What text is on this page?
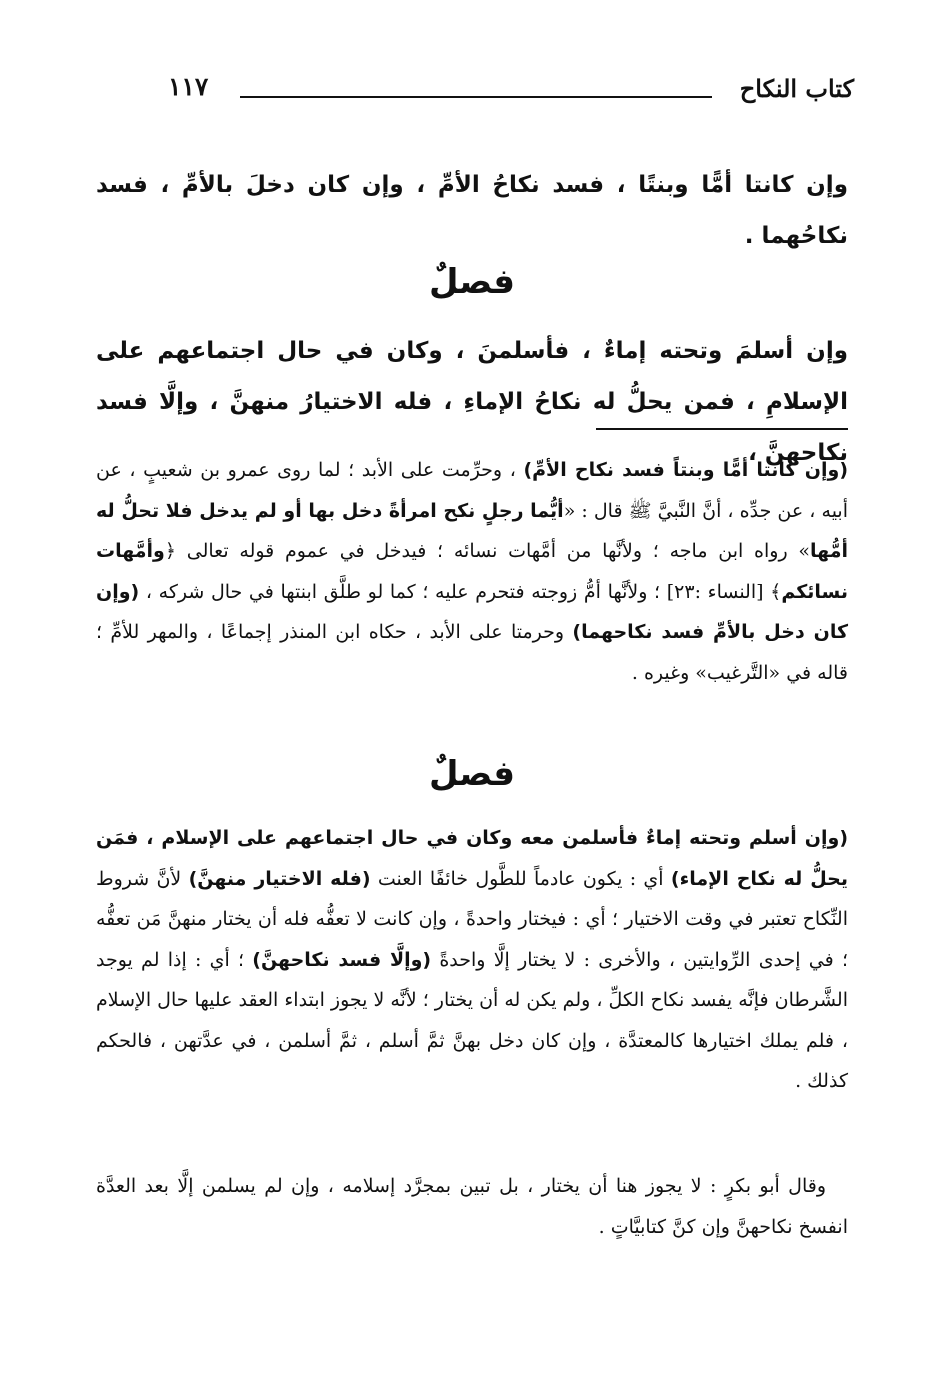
كتاب النكاح
١١٧

وإن كانتا أمًّا وبنتًا ، فسد نكاحُ الأمِّ ، وإن كان دخلَ بالأمِّ ، فسد نكاحُهما .

فصلٌ

وإن أسلمَ وتحته إماءٌ ، فأسلمنَ ، وكان في حال اجتماعهم على الإسلامِ ، فمن يحلُّ له نكاحُ الإماءِ ، فله الاختيارُ منهنَّ ، وإلَّا فسد نكاحهنَّ ،

(وإن كانتا أمًّا وبنتاً فسد نكاح الأمِّ) ، وحرِّمت على الأبد ؛ لما روى عمرو بن شعيبٍ ، عن أبيه ، عن جدِّه ، أنَّ النَّبيَّ ﷺ قال : «أيُّما رجلٍ نكح امرأةً دخل بها أو لم يدخل فلا تحلُّ له أمُّها» رواه ابن ماجه ؛ ولأنَّها من أمَّهات نسائه ؛ فيدخل في عموم قوله تعالى ﴿وأمَّهات نسائكم﴾ [النساء :٢٣] ؛ ولأنَّها أمُّ زوجته فتحرم عليه ؛ كما لو طلَّق ابنتها في حال شركه ، (وإن كان دخل بالأمِّ فسد نكاحهما) وحرمتا على الأبد ، حكاه ابن المنذر إجماعًا ، والمهر للأمِّ ؛ قاله في «التَّرغيب» وغيره .

فصلٌ

(وإن أسلم وتحته إماءٌ فأسلمن معه وكان في حال اجتماعهم على الإسلام ، فمَن يحلُّ له نكاح الإماء) أي : يكون عادماً للطَّول خائفًا العنت (فله الاختيار منهنَّ) لأنَّ شروط النِّكاح تعتبر في وقت الاختيار ؛ أي : فيختار واحدةً ، وإن كانت لا تعفُّه فله أن يختار منهنَّ مَن تعفُّه ؛ في إحدى الرِّوايتين ، والأخرى : لا يختار إلَّا واحدةً (وإلَّا فسد نكاحهنَّ) ؛ أي : إذا لم يوجد الشَّرطان فإنَّه يفسد نكاح الكلِّ ، ولم يكن له أن يختار ؛ لأنَّه لا يجوز ابتداء العقد عليها حال الإسلام ، فلم يملك اختيارها كالمعتدَّة ، وإن كان دخل بهنَّ ثمَّ أسلم ، ثمَّ أسلمن ، في عدَّتهن ، فالحكم كذلك .

وقال أبو بكرٍ : لا يجوز هنا أن يختار ، بل تبين بمجرَّد إسلامه ، وإن لم يسلمن إلَّا بعد العدَّة انفسخ نكاحهنَّ وإن كنَّ كتابيَّاتٍ .
